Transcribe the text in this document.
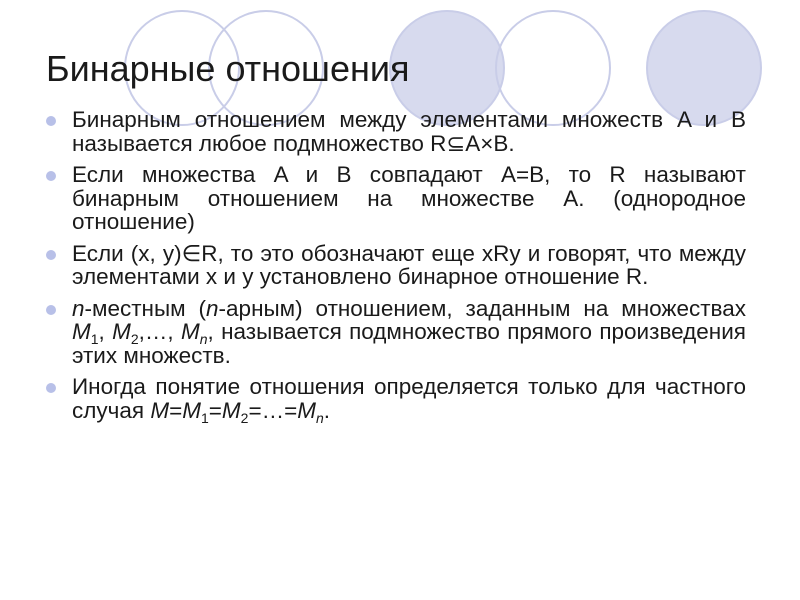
Бинарные отношения
Бинарным отношением между элементами множеств A и B называется любое подмножество R⊆A×B.
Если множества A и B совпадают A=B, то R называют бинарным отношением на множестве A. (однородное отношение)
Если (x, y)∈R, то это обозначают еще xRy и говорят, что между элементами x и y установлено бинарное отношение R.
n-местным (n-арным) отношением, заданным на множествах $M_1$, $M_2,\dots$, $M_n$, называется подмножество прямого произведения этих множеств.
Иногда понятие отношения определяется только для частного случая $M=M_1=M_2=\dots=M_n$.
